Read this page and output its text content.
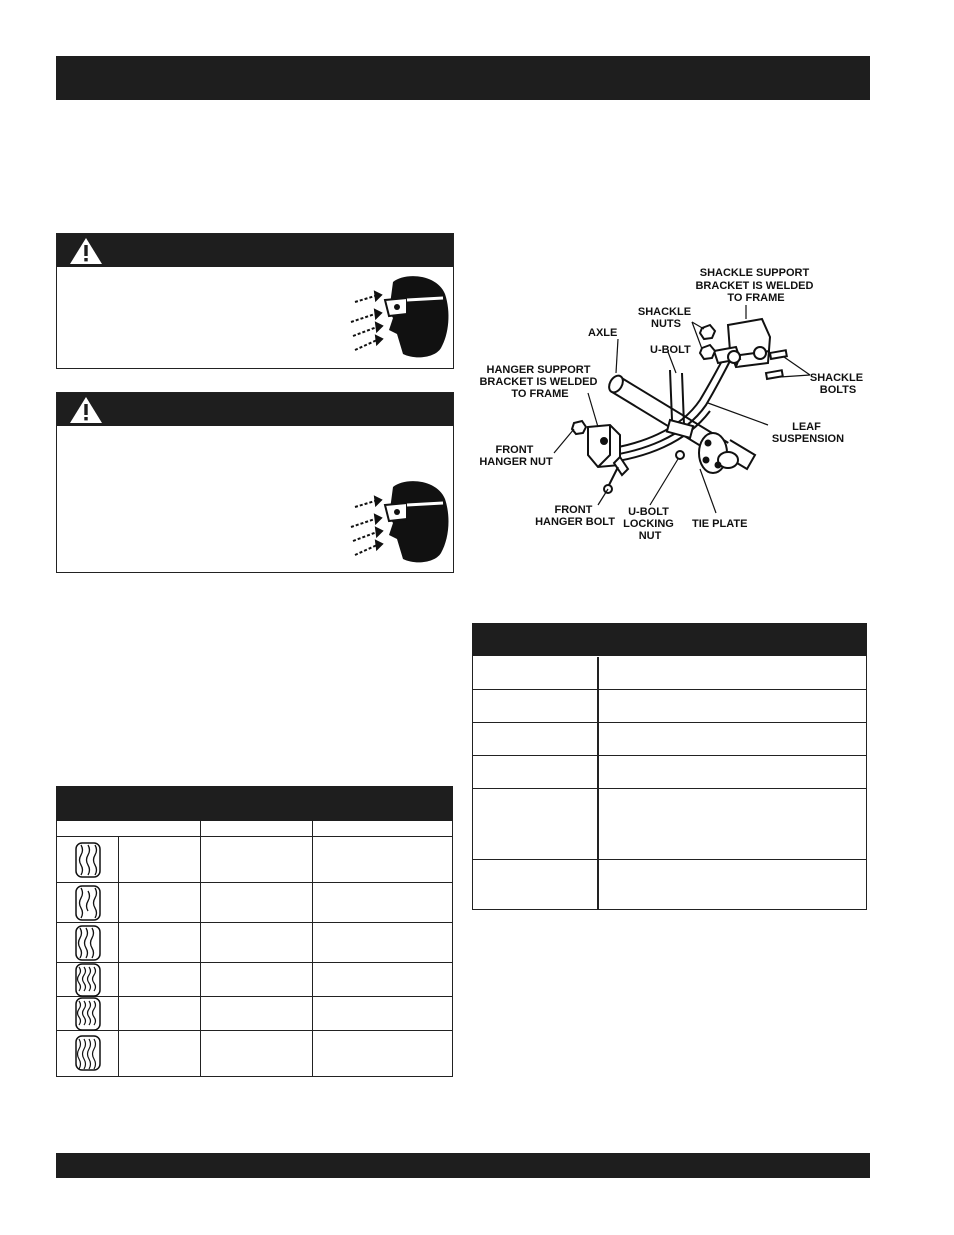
SHACKLE SUPPORT BRACKET IS WELDED TO FRAME
SHACKLE NUTS
AXLE
U-BOLT
HANGER SUPPORT BRACKET IS WELDED TO FRAME
SHACKLE BOLTS
LEAF SUSPENSION
FRONT HANGER NUT
FRONT HANGER BOLT
U-BOLT LOCKING NUT
TIE PLATE
